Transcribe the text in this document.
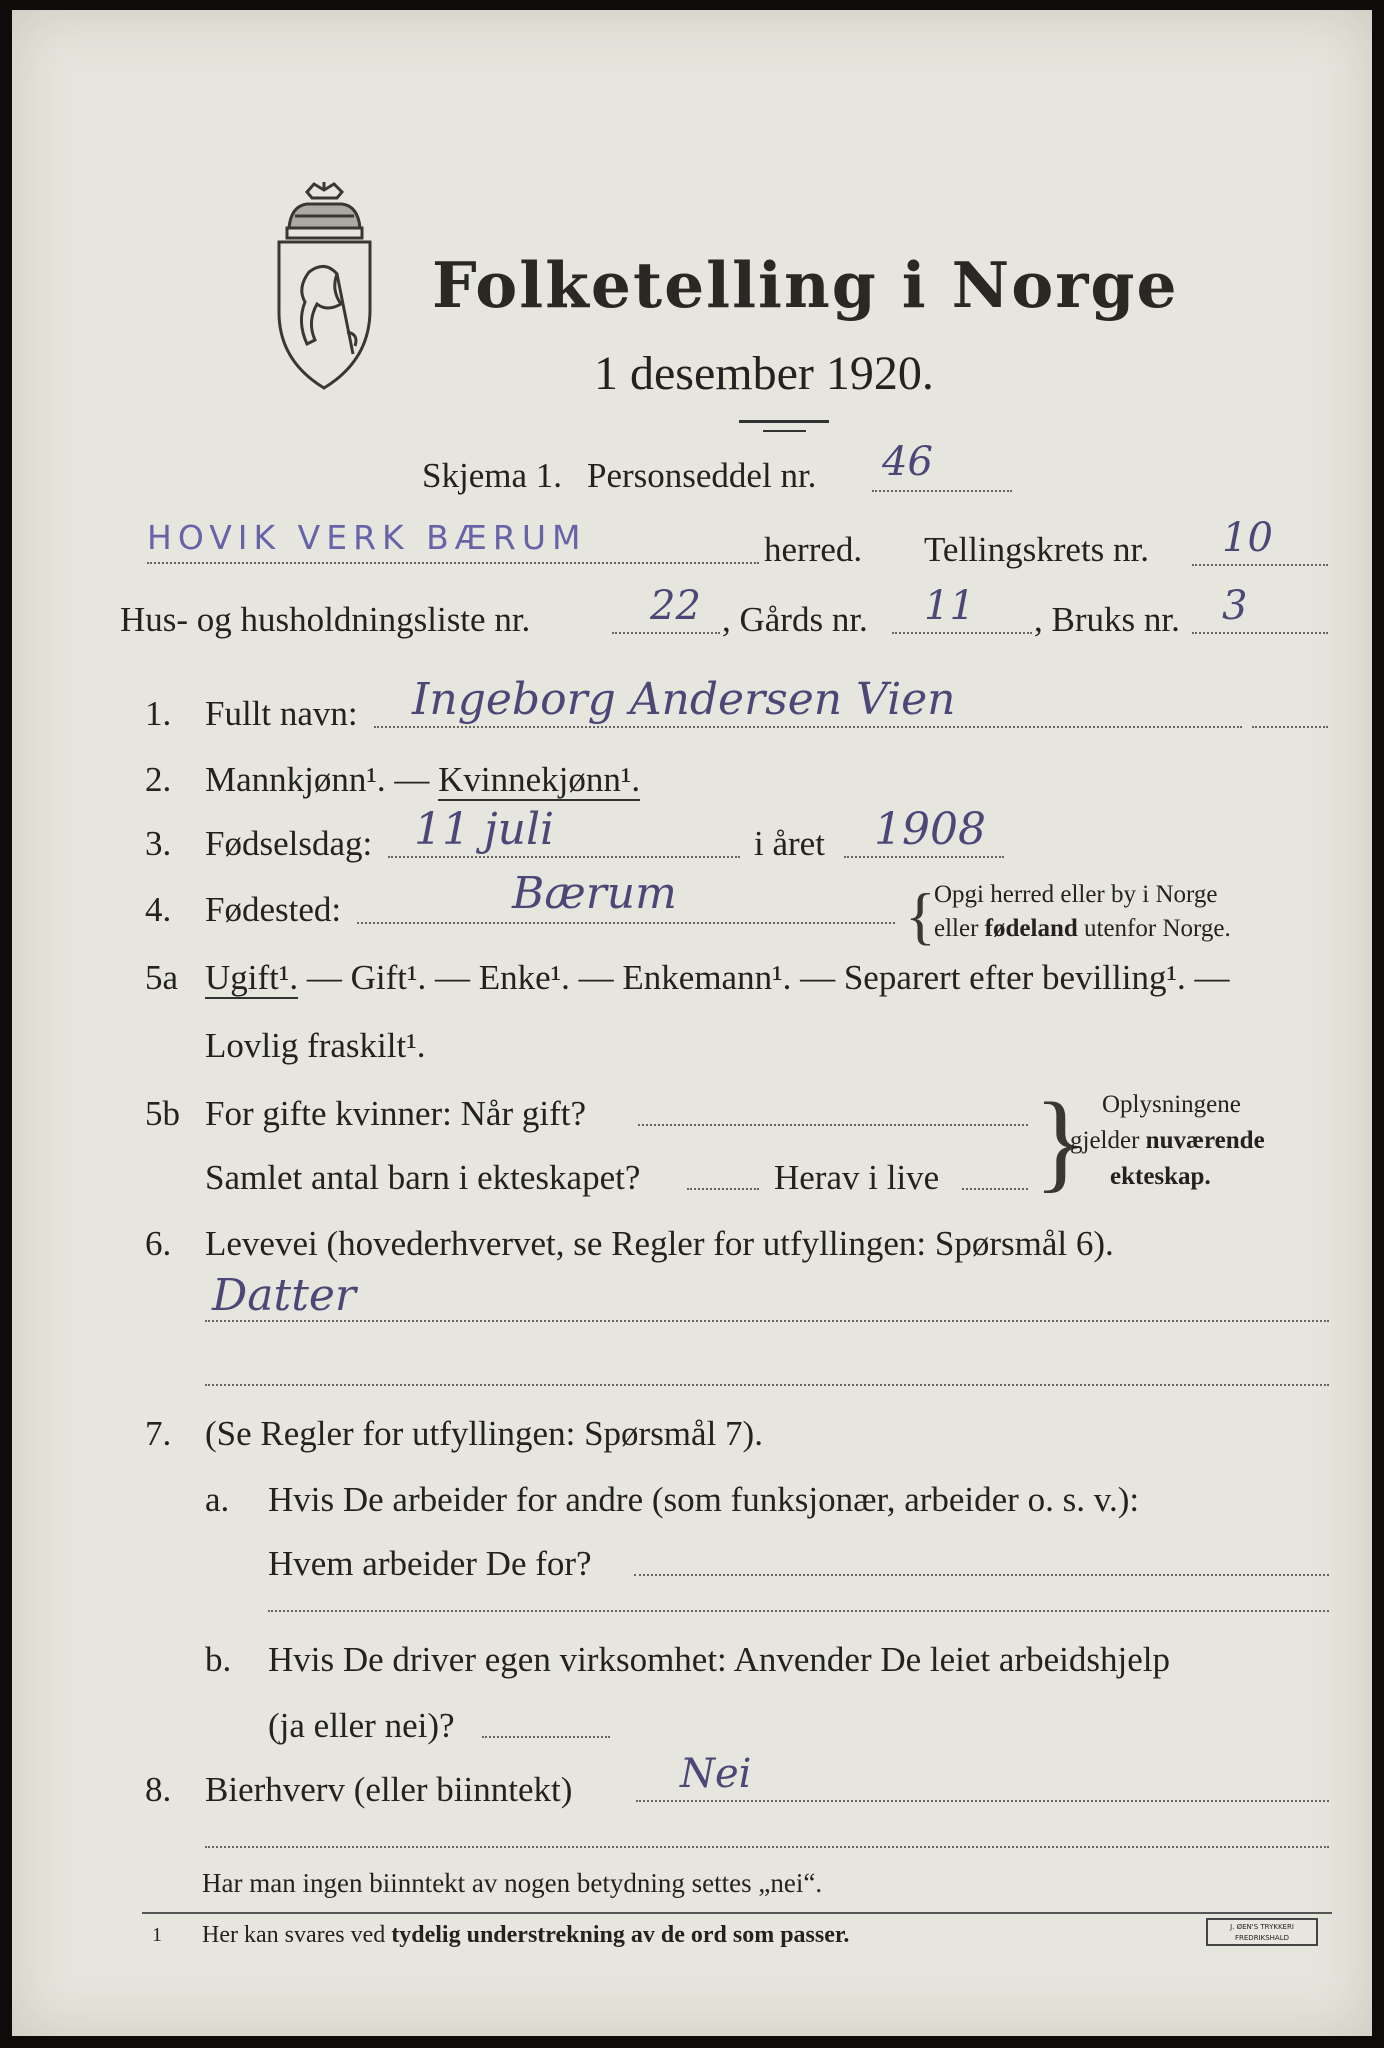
Folketelling i Norge
1 desember 1920.
Skjema 1. Personseddel nr. 46
HOVIK VERK BÆRUM	herred. Tellingskrets nr. 10
Hus- og husholdningsliste nr.	22 , Gårds nr. 11 , Bruks nr. 3
1. Fullt navn: Ingeborg Andersen Vien
2. Mannkjønn¹. — Kvinnekjønn¹.
3. Fødselsdag: 11 juli	i året 1908
4. Fødested:	Bærum	{
Opgi herred eller by i Norge
eller fødeland utenfor Norge.
5a Ugift¹. — Gift¹. — Enke¹. — Enkemann¹. — Separert efter bevilling¹. —
Lovlig fraskilt¹.
5b For gifte kvinner: Når gift?
Samlet antal barn i ekteskapet?	Herav i live } Oplysningene
gjelder nuværende
ekteskap.
6. Levevei (hovederhvervet, se Regler for utfyllingen: Spørsmål 6).
Datter
7. (Se Regler for utfyllingen: Spørsmål 7).
a. Hvis De arbeider for andre (som funksjonær, arbeider o. s. v.):
Hvem arbeider De for?
b. Hvis De driver egen virksomhet: Anvender De leiet arbeidshjelp
(ja eller nei)?
8. Bierhverv (eller biinntekt)	Nei
Har man ingen biinntekt av nogen betydning settes „nei“.
1 Her kan svares ved tydelig understrekning av de ord som passer.	J. ØEN'S TRYKKERI
FREDRIKSHALD
